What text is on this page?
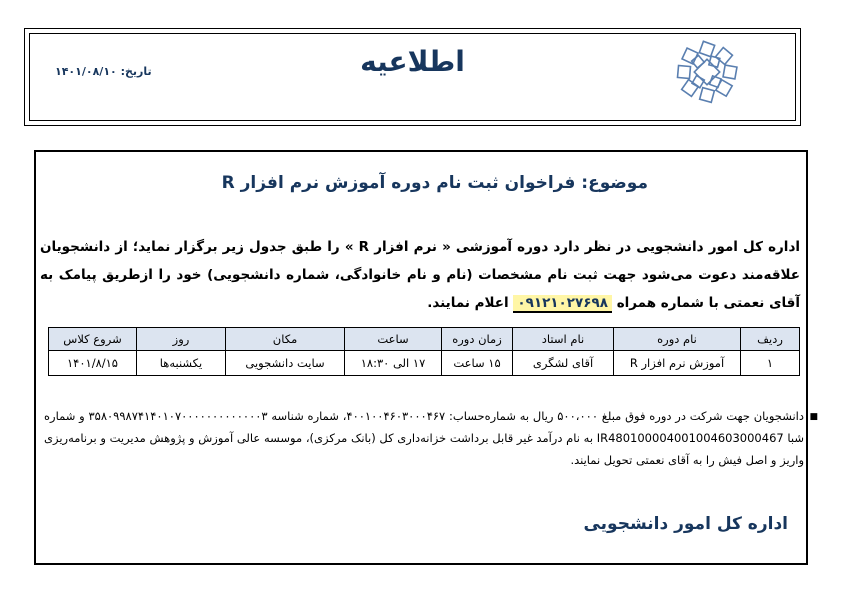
اطلاعیه
تاریخ: ۱۴۰۱/۰۸/۱۰
موضوع: فراخوان ثبت نام دوره آموزش نرم افزار R
اداره کل امور دانشجویی در نظر دارد دوره آموزشی « نرم افزار R » را طبق جدول زیر برگزار نماید؛ از دانشجویان علاقه‌مند دعوت می‌شود جهت ثبت نام مشخصات (نام و نام خانوادگی، شماره دانشجویی) خود را ازطریق پیامک به آقای نعمتی با شماره همراه ۰۹۱۲۱۰۲۷۶۹۸ اعلام نمایند.
ردیف	نام دوره	نام استاد	زمان دوره	ساعت	مکان	روز	شروع کلاس
۱	آموزش نرم افزار R	آقای لشگری	۱۵ ساعت	۱۷ الی ۱۸:۳۰	سایت دانشجویی	یکشنبه‌ها	۱۴۰۱/۸/۱۵
■
دانشجویان جهت شرکت در دوره فوق مبلغ ۵۰۰،۰۰۰ ریال به شماره‌حساب: ۴۰۰۱۰۰۴۶۰۳۰۰۰۴۶۷، شماره شناسه ۳۵۸۰۹۹۸۷۴۱۴۰۱۰۷۰۰۰۰۰۰۰۰۰۰۰۰۰۳ و شماره شبا IR480100004001004603000467 به نام درآمد غیر قابل برداشت خزانه‌داری کل (بانک مرکزی)، موسسه عالی آموزش و پژوهش مدیریت و برنامه‌ریزی واریز و اصل فیش را به آقای نعمتی تحویل نمایند.
اداره کل امور دانشجویی
